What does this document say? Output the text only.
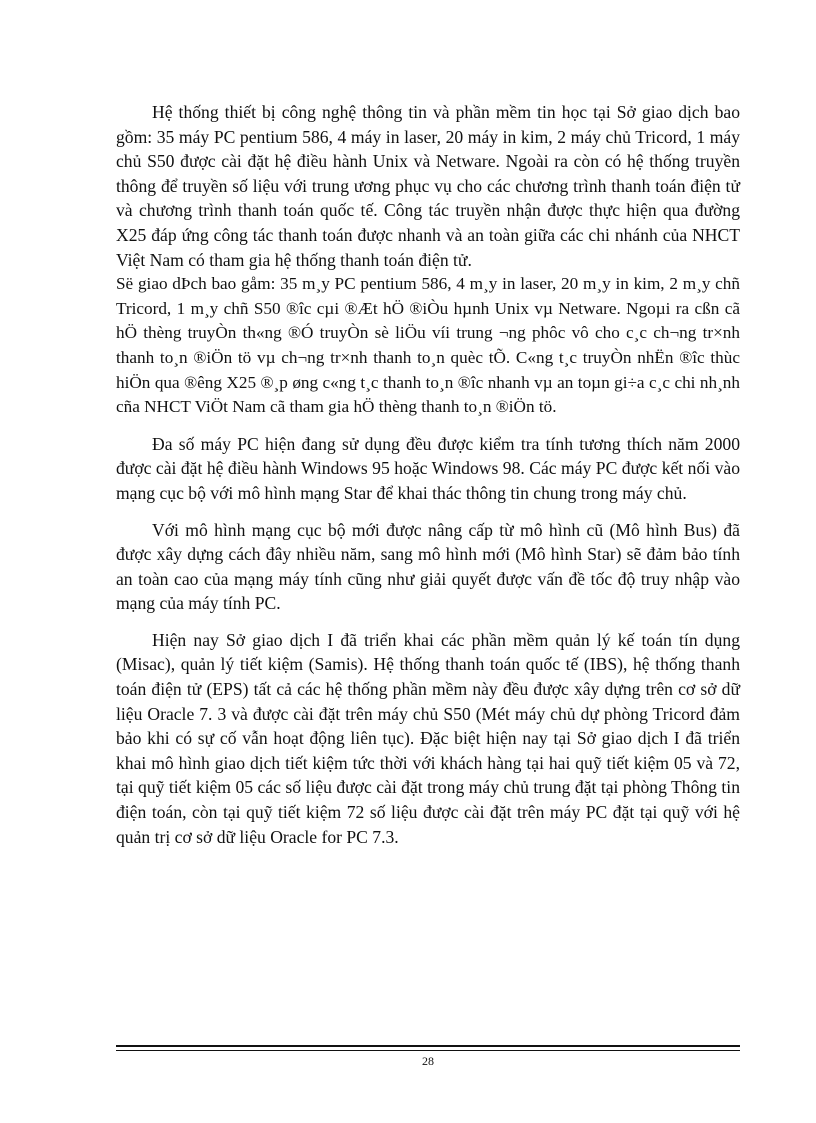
Hệ thống thiết bị công nghệ thông tin và phần mềm tin học tại Sở giao dịch bao gồm: 35 máy PC pentium 586, 4 máy in laser, 20 máy in kim, 2 máy chủ Tricord, 1 máy chủ S50 được cài đặt hệ điều hành Unix và Netware. Ngoài ra còn có hệ thống truyền thông để truyền số liệu với trung ương phục vụ cho các chương trình thanh toán điện tử và chương trình thanh toán quốc tế. Công tác truyền nhận được thực hiện qua đường X25 đáp ứng công tác thanh toán được nhanh và an toàn giữa các chi nhánh của NHCT Việt Nam có tham gia hệ thống thanh toán điện tử.

Së giao dÞch bao gåm: 35 m¸y PC pentium 586, 4 m¸y in laser, 20 m¸y in kim, 2 m¸y chñ Tricord, 1 m¸y chñ S50 ®îc cµi ®Æt hÖ ®iÒu hµnh Unix vµ Netware. Ngoµi ra cßn cã hÖ thèng truyÒn th«ng ®Ó truyÒn sè liÖu víi trung ¬ng phôc vô cho c¸c ch¬ng tr×nh thanh to¸n ®iÖn tö vµ ch¬ng tr×nh thanh to¸n quèc tÕ. C«ng t¸c truyÒn nhËn ®îc thùc hiÖn qua ®êng X25 ®¸p øng c«ng t¸c thanh to¸n ®îc nhanh vµ an toµn gi÷a c¸c chi nh¸nh cña NHCT ViÖt Nam cã tham gia hÖ thèng thanh to¸n ®iÖn tö.

Đa số máy PC hiện đang sử dụng đều được kiểm tra tính tương thích năm 2000 được cài đặt hệ điều hành Windows 95 hoặc Windows 98. Các máy PC được kết nối vào mạng cục bộ với mô hình mạng Star để khai thác thông tin chung trong máy chủ.

Với mô hình mạng cục bộ mới được nâng cấp từ mô hình cũ (Mô hình Bus) đã được xây dựng cách đây nhiều năm, sang mô hình mới (Mô hình Star) sẽ đảm bảo tính an toàn cao của mạng máy tính cũng như giải quyết được vấn đề tốc độ truy nhập vào mạng của máy tính PC.

Hiện nay Sở giao dịch I đã triển khai các phần mềm quản lý kế toán tín dụng (Misac), quản lý tiết kiệm (Samis). Hệ thống thanh toán quốc tế (IBS), hệ thống thanh toán điện tử (EPS) tất cả các hệ thống phần mềm này đều được xây dựng trên cơ sở dữ liệu Oracle 7. 3 và được cài đặt trên máy chủ S50 (Mét máy chủ dự phòng Tricord đảm bảo khi có sự cố vẫn hoạt động liên tục). Đặc biệt hiện nay tại Sở giao dịch I đã triển khai mô hình giao dịch tiết kiệm tức thời với khách hàng tại hai quỹ tiết kiệm 05 và 72, tại quỹ tiết kiệm 05 các số liệu được cài đặt trong máy chủ trung đặt tại phòng Thông tin điện toán, còn tại quỹ tiết kiệm 72 số liệu được cài đặt trên máy PC đặt tại quỹ với hệ quản trị cơ sở dữ liệu Oracle for PC 7.3.

28
